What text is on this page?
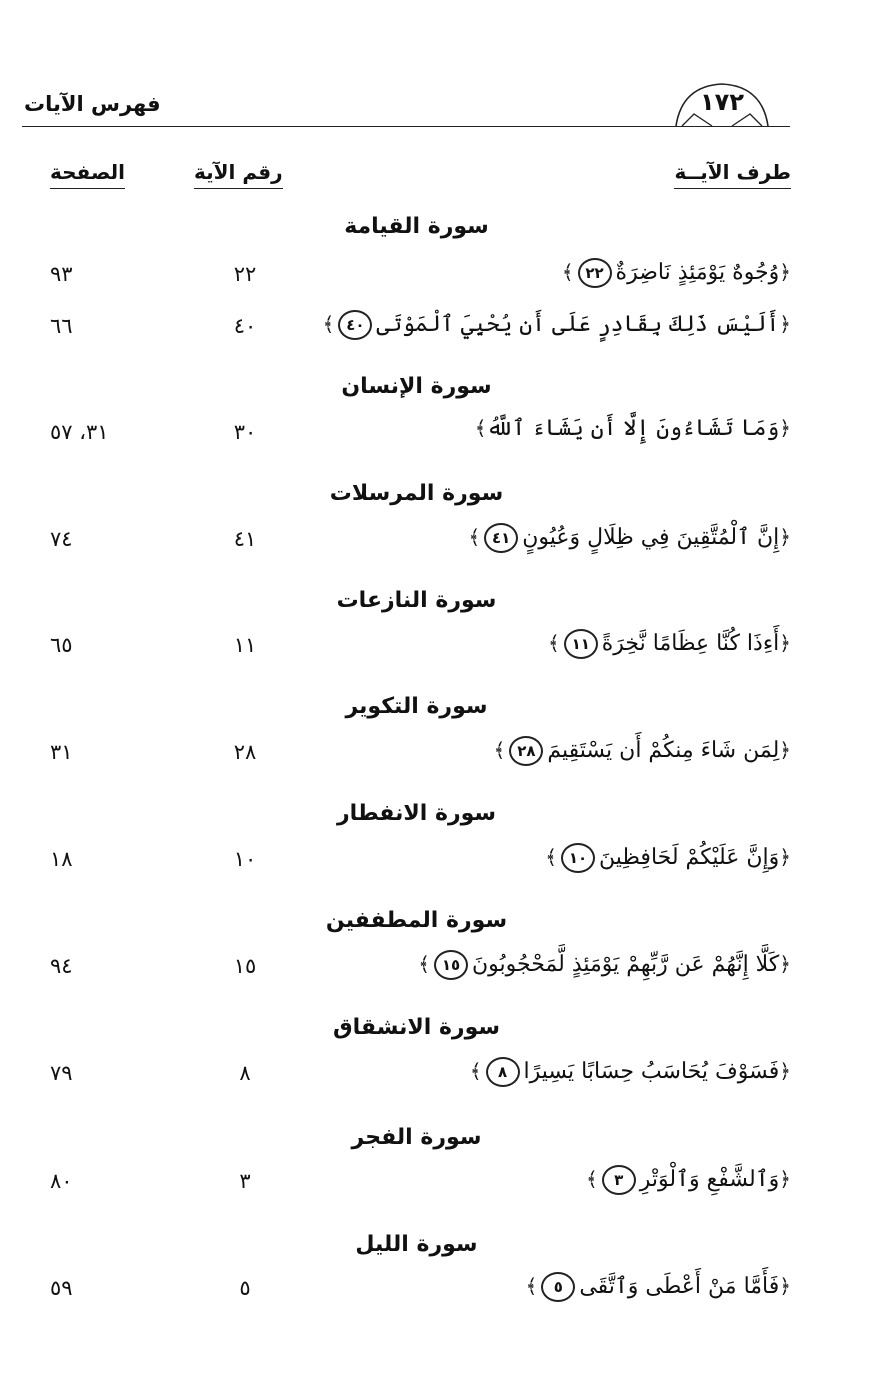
فهرس الآيات	١٧٢
طرف الآيــة
رقم الآية
الصفحة
سورة القيامة
﴿وُجُوهٌ يَوْمَئِذٍ نَاضِرَةٌ٢٢﴾
٢٢
٩٣
﴿أَلَيْسَ ذَلِكَ بِقَادِرٍ عَلَى أَن يُحْيِيَ ٱلْمَوْتَى٤٠﴾
٤٠
٦٦
سورة الإنسان
﴿وَمَا تَشَاءُونَ إِلَّا أَن يَشَاءَ ٱللَّهُ﴾
٣٠
٣١، ٥٧
سورة المرسلات
﴿إِنَّ ٱلْمُتَّقِينَ فِي ظِلَالٍ وَعُيُونٍ٤١﴾
٤١
٧٤
سورة النازعات
﴿أَءِذَا كُنَّا عِظَامًا نَّخِرَةً١١﴾
١١
٦٥
سورة التكوير
﴿لِمَن شَاءَ مِنكُمْ أَن يَسْتَقِيمَ٢٨﴾
٢٨
٣١
سورة الانفطار
﴿وَإِنَّ عَلَيْكُمْ لَحَافِظِينَ١٠﴾
١٠
١٨
سورة المطففين
﴿كَلَّا إِنَّهُمْ عَن رَّبِّهِمْ يَوْمَئِذٍ لَّمَحْجُوبُونَ١٥﴾
١٥
٩٤
سورة الانشقاق
﴿فَسَوْفَ يُحَاسَبُ حِسَابًا يَسِيرًا٨﴾
٨
٧٩
سورة الفجر
﴿وَٱلشَّفْعِ وَٱلْوَتْرِ٣﴾
٣
٨٠
سورة الليل
﴿فَأَمَّا مَنْ أَعْطَى وَٱتَّقَى٥﴾
٥
٥٩
